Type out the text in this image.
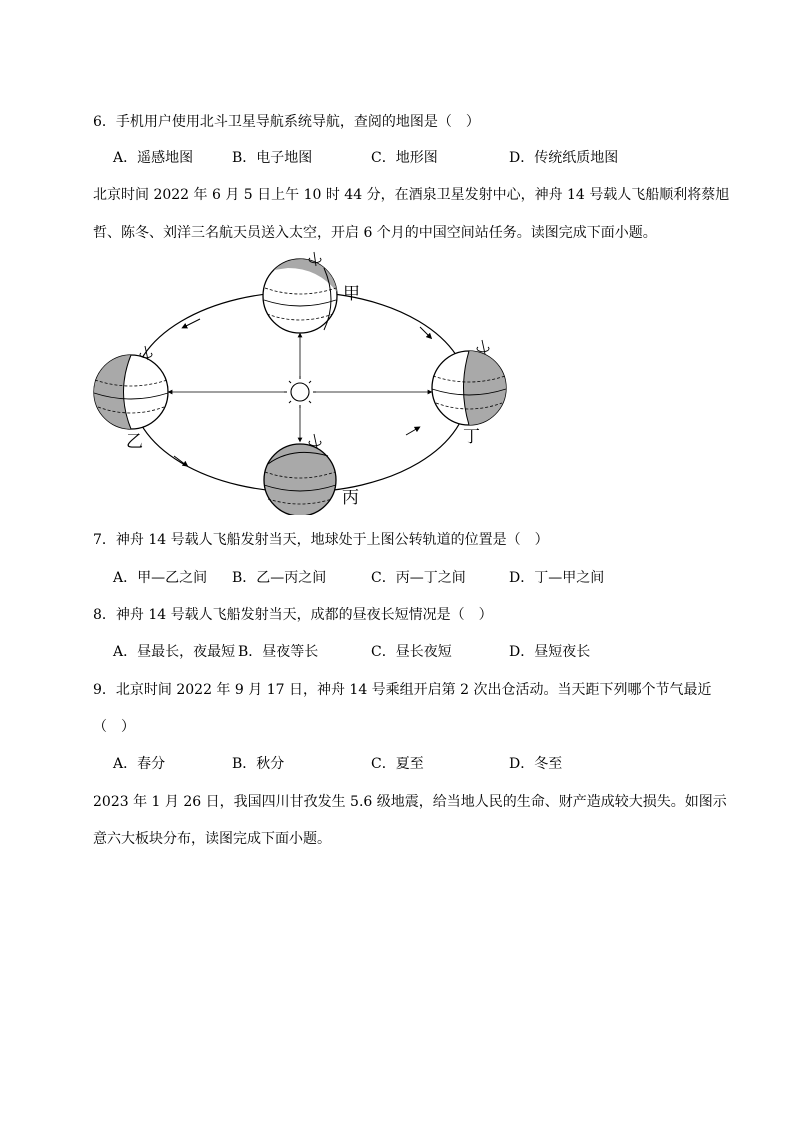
6．手机用户使用北斗卫星导航系统导航，查阅的地图是（　）
A．遥感地图	B．电子地图	C．地形图	D．传统纸质地图
北京时间 2022 年 6 月 5 日上午 10 时 44 分，在酒泉卫星发射中心，神舟 14 号载人飞船顺利将蔡旭
哲、陈冬、刘洋三名航天员送入太空，开启 6 个月的中国空间站任务。读图完成下面小题。
甲
乙
丙
丁
7．神舟 14 号载人飞船发射当天，地球处于上图公转轨道的位置是（　）
A．甲—乙之间 B．乙—丙之间	C．丙—丁之间	D．丁—甲之间
8．神舟 14 号载人飞船发射当天，成都的昼夜长短情况是（　）
A．昼最长，夜最短 B．昼夜等长	C．昼长夜短	D．昼短夜长
9．北京时间 2022 年 9 月 17 日，神舟 14 号乘组开启第 2 次出仓活动。当天距下列哪个节气最近
（　）
A．春分	B．秋分	C．夏至	D．冬至
2023 年 1 月 26 日，我国四川甘孜发生 5.6 级地震，给当地人民的生命、财产造成较大损失。如图示
意六大板块分布，读图完成下面小题。
